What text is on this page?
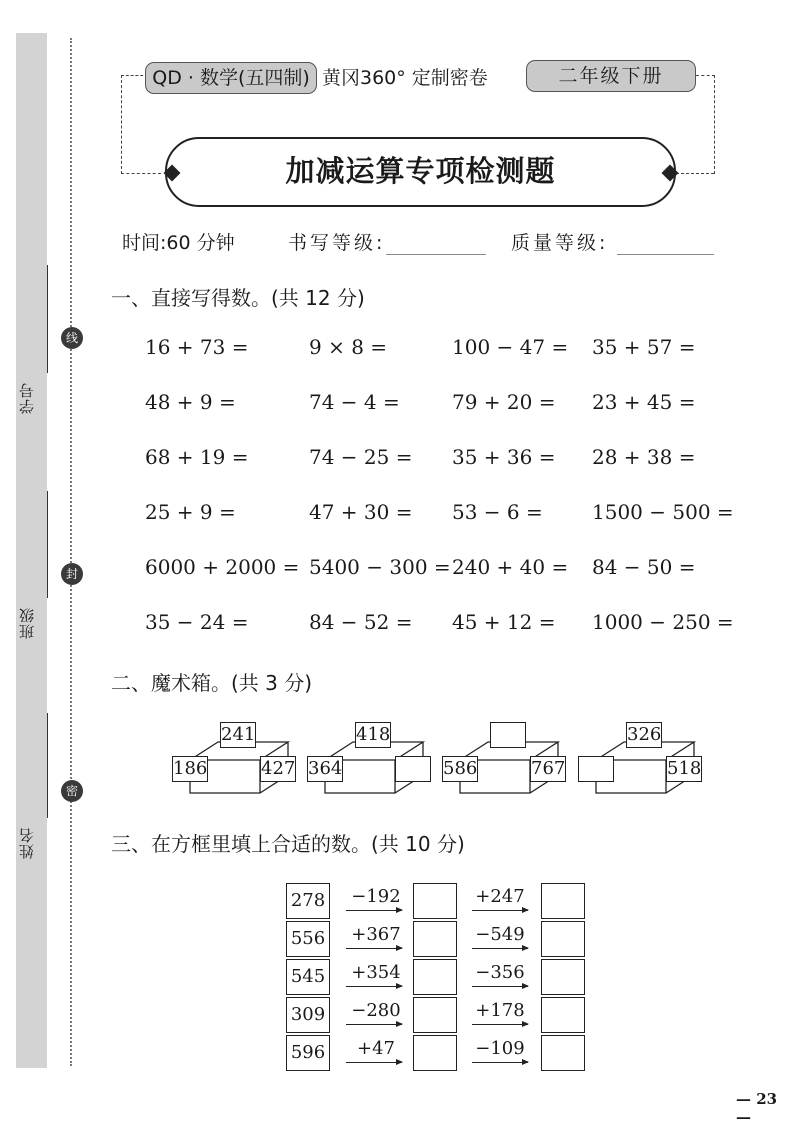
学号
班级
姓名
线
封
密
QD · 数学(五四制) 黄冈360° 定制密卷	二年级下册
加减运算专项检测题
时间:60 分钟	书写等级:	质量等级:
一、直接写得数。(共 12 分)
16 + 73 =	9 × 8 =	100 − 47 = 35 + 57 =
48 + 9 =	74 − 4 =	79 + 20 = 23 + 45 =
68 + 19 =	74 − 25 = 35 + 36 = 28 + 38 =
25 + 9 =	47 + 30 = 53 − 6 = 1500 − 500 =
6000 + 2000 = 5400 − 300 = 240 + 40 = 84 − 50 =
35 − 24 =	84 − 52 = 45 + 12 = 1000 − 250 =
二、魔术箱。(共 3 分)
241
186	427
418
364	586	767
326
518
三、在方框里填上合适的数。(共 10 分)
278 −192	+247
556 +367	−549
545 +354	−356
309 −280	+178
596	+47	−109
— 23 —
